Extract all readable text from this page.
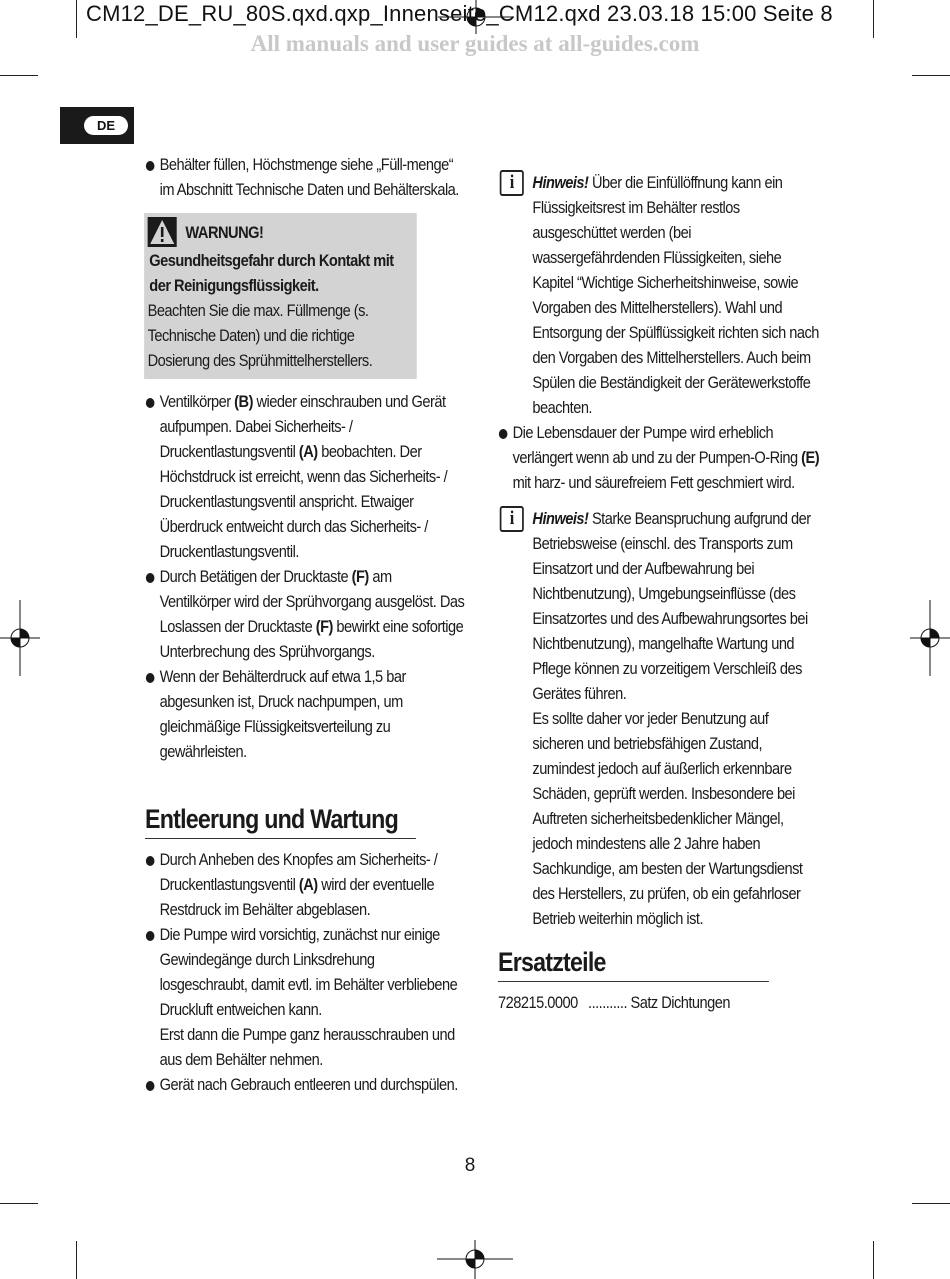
CM12_DE_RU_80S.qxd.qxp_Innenseite_CM12.qxd 23.03.18 15:00 Seite 8
All manuals and user guides at all-guides.com
DE

Behälter füllen, Höchstmenge siehe „Füll-menge“ im Abschnitt Technische Daten und Behälterskala.

WARNUNG!
Gesundheitsgefahr durch Kontakt mit der Reinigungsflüssigkeit.
Beachten Sie die max. Füllmenge (s. Technische Daten) und die richtige Dosierung des Sprühmittelherstellers.

Ventilkörper (B) wieder einschrauben und Gerät aufpumpen. Dabei Sicherheits- / Druckentlastungsventil (A) beobachten. Der Höchstdruck ist erreicht, wenn das Sicherheits- / Druckentlastungsventil anspricht. Etwaiger Überdruck entweicht durch das Sicherheits- / Druckentlastungsventil.

Durch Betätigen der Drucktaste (F) am Ventilkörper wird der Sprühvorgang ausgelöst. Das Loslassen der Drucktaste (F) bewirkt eine sofortige Unterbrechung des Sprühvorgangs.

Wenn der Behälterdruck auf etwa 1,5 bar abgesunken ist, Druck nachpumpen, um gleichmäßige Flüssigkeitsverteilung zu gewährleisten.

Entleerung und Wartung

Durch Anheben des Knopfes am Sicherheits- / Druckentlastungsventil (A) wird der eventuelle Restdruck im Behälter abgeblasen.

Die Pumpe wird vorsichtig, zunächst nur einige Gewindegänge durch Linksdrehung losgeschraubt, damit evtl. im Behälter verbliebene Druckluft entweichen kann.
Erst dann die Pumpe ganz herausschrauben und aus dem Behälter nehmen.

Gerät nach Gebrauch entleeren und durchspülen.

i	Hinweis! Über die Einfüllöffnung kann ein Flüssigkeitsrest im Behälter restlos ausgeschüttet werden (bei wassergefährdenden Flüssigkeiten, siehe Kapitel “Wichtige Sicherheitshinweise, sowie Vorgaben des Mittelherstellers). Wahl und Entsorgung der Spülflüssigkeit richten sich nach den Vorgaben des Mittelherstellers. Auch beim Spülen die Beständigkeit der Gerätewerkstoffe beachten.

Die Lebensdauer der Pumpe wird erheblich verlängert wenn ab und zu der Pumpen-O-Ring (E) mit harz- und säurefreiem Fett geschmiert wird.

i	Hinweis! Starke Beanspruchung aufgrund der Betriebsweise (einschl. des Transports zum Einsatzort und der Aufbewahrung bei Nichtbenutzung), Umgebungseinflüsse (des Einsatzortes und des Aufbewahrungsortes bei Nichtbenutzung), mangelhafte Wartung und Pflege können zu vorzeitigem Verschleiß des Gerätes führen.
Es sollte daher vor jeder Benutzung auf sicheren und betriebsfähigen Zustand, zumindest jedoch auf äußerlich erkennbare Schäden, geprüft werden. Insbesondere bei Auftreten sicherheitsbedenklicher Mängel, jedoch mindestens alle 2 Jahre haben Sachkundige, am besten der Wartungsdienst des Herstellers, zu prüfen, ob ein gefahrloser Betrieb weiterhin möglich ist.

Ersatzteile
728215.0000 ........... Satz Dichtungen
8
